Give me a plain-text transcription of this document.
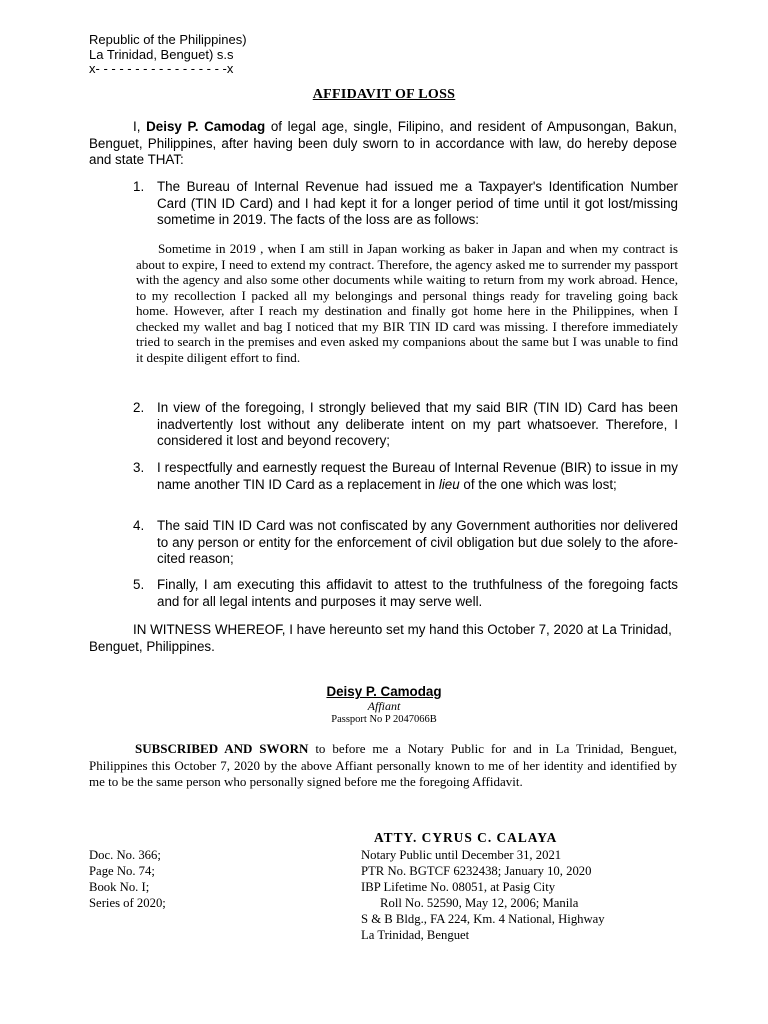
Republic of the Philippines)
La Trinidad, Benguet) s.s
x- - - - - - - - - - - - - - - - -x
AFFIDAVIT OF LOSS
I, Deisy P. Camodag of legal age, single, Filipino, and resident of Ampusongan, Bakun, Benguet, Philippines, after having been duly sworn to in accordance with law, do hereby depose and state THAT:
1. The Bureau of Internal Revenue had issued me a Taxpayer's Identification Number Card (TIN ID Card) and I had kept it for a longer period of time until it got lost/missing sometime in 2019. The facts of the loss are as follows:
Sometime in 2019 , when I am still in Japan working as baker in Japan and when my contract is about to expire, I need to extend my contract. Therefore, the agency asked me to surrender my passport with the agency and also some other documents while waiting to return from my work abroad. Hence, to my recollection I packed all my belongings and personal things ready for traveling going back home. However, after I reach my destination and finally got home here in the Philippines, when I checked my wallet and bag I noticed that my BIR TIN ID card was missing. I therefore immediately tried to search in the premises and even asked my companions about the same but I was unable to find it despite diligent effort to find.
2. In view of the foregoing, I strongly believed that my said BIR (TIN ID) Card has been inadvertently lost without any deliberate intent on my part whatsoever. Therefore, I considered it lost and beyond recovery;
3. I respectfully and earnestly request the Bureau of Internal Revenue (BIR) to issue in my name another TIN ID Card as a replacement in lieu of the one which was lost;
4. The said TIN ID Card was not confiscated by any Government authorities nor delivered to any person or entity for the enforcement of civil obligation but due solely to the afore-cited reason;
5. Finally, I am executing this affidavit to attest to the truthfulness of the foregoing facts and for all legal intents and purposes it may serve well.
IN WITNESS WHEREOF, I have hereunto set my hand this October 7, 2020 at La Trinidad, Benguet, Philippines.
Deisy P. Camodag
Affiant
Passport No P 2047066B
SUBSCRIBED AND SWORN to before me a Notary Public for and in La Trinidad, Benguet, Philippines this October 7, 2020 by the above Affiant personally known to me of her identity and identified by me to be the same person who personally signed before me the foregoing Affidavit.
ATTY. CYRUS C. CALAYA
Doc. No. 366;
Page No. 74;
Book No. I;
Series of 2020;
Notary Public until December 31, 2021
PTR No. BGTCF 6232438; January 10, 2020
IBP Lifetime No. 08051, at Pasig City
Roll No. 52590, May 12, 2006; Manila
S & B Bldg., FA 224, Km. 4 National, Highway
La Trinidad, Benguet
